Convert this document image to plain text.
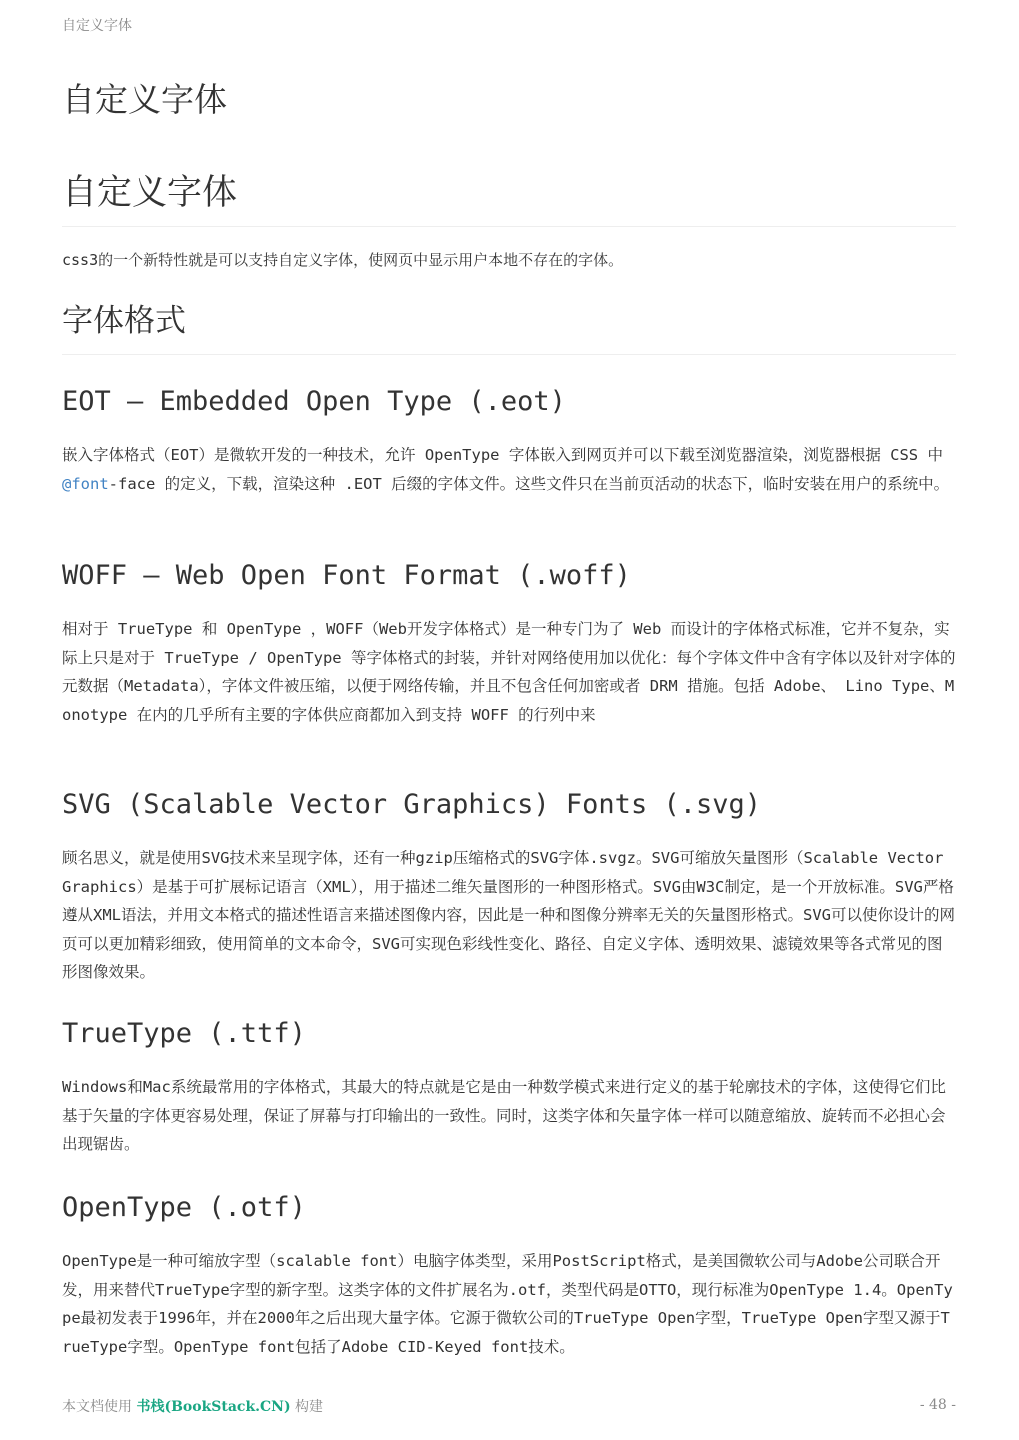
自定义字体
自定义字体
自定义字体

css3的一个新特性就是可以支持自定义字体，使网页中显示用户本地不存在的字体。

字体格式
EOT – Embedded Open Type (.eot)

嵌入字体格式（EOT）是微软开发的一种技术，允许 OpenType 字体嵌入到网页并可以下载至浏览器渲染，浏览器根据 CSS 中 @font-face 的定义，下载，渲染这种 .EOT 后缀的字体文件。这些文件只在当前页活动的状态下，临时安装在用户的系统中。

WOFF – Web Open Font Format (.woff)

相对于 TrueType 和 OpenType ，WOFF（Web开发字体格式）是一种专门为了 Web 而设计的字体格式标准，它并不复杂，实际上只是对于 TrueType / OpenType 等字体格式的封装，并针对网络使用加以优化：每个字体文件中含有字体以及针对字体的元数据（Metadata），字体文件被压缩，以便于网络传输，并且不包含任何加密或者 DRM 措施。包括 Adobe、 Lino Type、Monotype 在内的几乎所有主要的字体供应商都加入到支持 WOFF 的行列中来

SVG (Scalable Vector Graphics) Fonts (.svg)

顾名思义，就是使用SVG技术来呈现字体，还有一种gzip压缩格式的SVG字体.svgz。SVG可缩放矢量图形（Scalable Vector Graphics）是基于可扩展标记语言（XML），用于描述二维矢量图形的一种图形格式。SVG由W3C制定，是一个开放标准。SVG严格遵从XML语法，并用文本格式的描述性语言来描述图像内容，因此是一种和图像分辨率无关的矢量图形格式。SVG可以使你设计的网页可以更加精彩细致，使用简单的文本命令，SVG可实现色彩线性变化、路径、自定义字体、透明效果、滤镜效果等各式常见的图形图像效果。

TrueType (.ttf)

Windows和Mac系统最常用的字体格式，其最大的特点就是它是由一种数学模式来进行定义的基于轮廓技术的字体，这使得它们比基于矢量的字体更容易处理，保证了屏幕与打印输出的一致性。同时，这类字体和矢量字体一样可以随意缩放、旋转而不必担心会出现锯齿。

OpenType (.otf)

OpenType是一种可缩放字型（scalable font）电脑字体类型，采用PostScript格式，是美国微软公司与Adobe公司联合开发，用来替代TrueType字型的新字型。这类字体的文件扩展名为.otf，类型代码是OTTO，现行标准为OpenType 1.4。OpenType最初发表于1996年，并在2000年之后出现大量字体。它源于微软公司的TrueType Open字型，TrueType Open字型又源于TrueType字型。OpenType font包括了Adobe CID-Keyed font技术。

本文档使用 书栈(BookStack.CN) 构建	- 48 -
